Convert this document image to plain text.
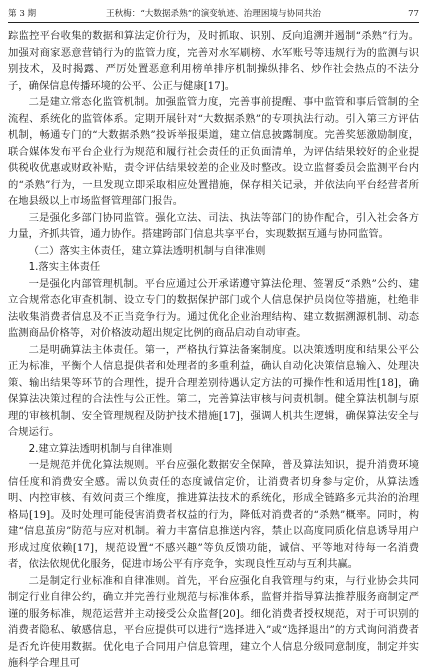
第 3 期	王秋梅：“大数据杀熟”的演变轨迹、治理困境与协同共治	77

踪监控平台收集的数据和算法定价行为，及时抓取、识别、反向追溯并遏制“杀熟”行为。加强对商家恶意营销行为的监管力度，完善对水军刷榜、水军账号等违规行为的监测与识别技术，及时揭露、严厉处置恶意利用榜单排序机制操纵排名、炒作社会热点的不法分子，确保信息传播环境的公平、公正与健康[17]。

二是建立常态化监管机制。加强监管力度，完善事前提醒、事中监管和事后管制的全流程、系统化的监管体系。定期开展针对“大数据杀熟”的专项执法行动。引入第三方评估机制，畅通专门的“大数据杀熟”投诉举报渠道，建立信息披露制度。完善奖惩激励制度，联合媒体发布平台企业行为规范和履行社会责任的正负面清单，为评估结果较好的企业提供税收优惠或财政补贴，责令评估结果较差的企业及时整改。设立监督委员会监测平台内的“杀熟”行为，一旦发现立即采取相应处置措施，保存相关记录，并依法向平台经营者所在地县级以上市场监督管理部门报告。

三是强化多部门协同监管。强化立法、司法、执法等部门的协作配合，引入社会各方力量，齐抓共管，通力协作。搭建跨部门信息共享平台，实现数据互通与协同监管。

（二）落实主体责任，建立算法透明机制与自律准则

1.落实主体责任

一是强化内部管理机制。平台应通过公开承诺遵守算法伦理、签署反“杀熟”公约、建立合规常态化审查机制、设立专门的数据保护部门或个人信息保护员岗位等措施，杜绝非法收集消费者信息及不正当竞争行为。通过优化企业治理结构、建立数据溯源机制、动态监测商品价格等，对价格波动超出规定比例的商品启动自动审查。

二是明确算法主体责任。第一，严格执行算法备案制度。以决策透明度和结果公平公正为标准，平衡个人信息提供者和处理者的多重利益，确认自动化决策信息输入、处理决策、输出结果等环节的合理性，提升合理差别待遇认定方法的可操作性和适用性[18]，确保算法决策过程的合法性与公正性。第二，完善算法审核与问责机制。健全算法机制与原理的审核机制、安全管理规程及防护技术措施[17]，强调人机共生逻辑，确保算法安全与合规运行。

2.建立算法透明机制与自律准则

一是规范并优化算法规则。平台应强化数据安全保障，普及算法知识，提升消费环境信任度和消费安全感。需以负责任的态度诚信定价，让消费者切身参与定价，从算法透明、内控审核、有效问责三个维度，推进算法技术的系统化，形成全链路多元共治的治理格局[19]。及时处理可能侵害消费者权益的行为，降低对消费者的“杀熟”概率。同时，构建“信息茧房”防范与应对机制。着力丰富信息推送内容，禁止以高度同质化信息诱导用户形成过度依赖[17]，规范设置“不感兴趣”等负反馈功能，诚信、平等地对待每一名消费者，依法依规优化服务，促进市场公平有序竞争，实现良性互动与互利共赢。

二是制定行业标准和自律准则。首先，平台应强化自我管理与约束，与行业协会共同制定行业自律公约，确立并完善行业规范与标准体系，监督并指导算法推荐服务商制定严谨的服务标准，规范运营并主动接受公众监督[20]。细化消费者授权规范，对于可识别的消费者隐私、敏感信息，平台应提供可以进行“选择进入”或“选择退出”的方式询问消费者是否允许使用数据。优化电子合同用户信息管理，建立个人信息分级同意制度，制定并实施科学合理且可
